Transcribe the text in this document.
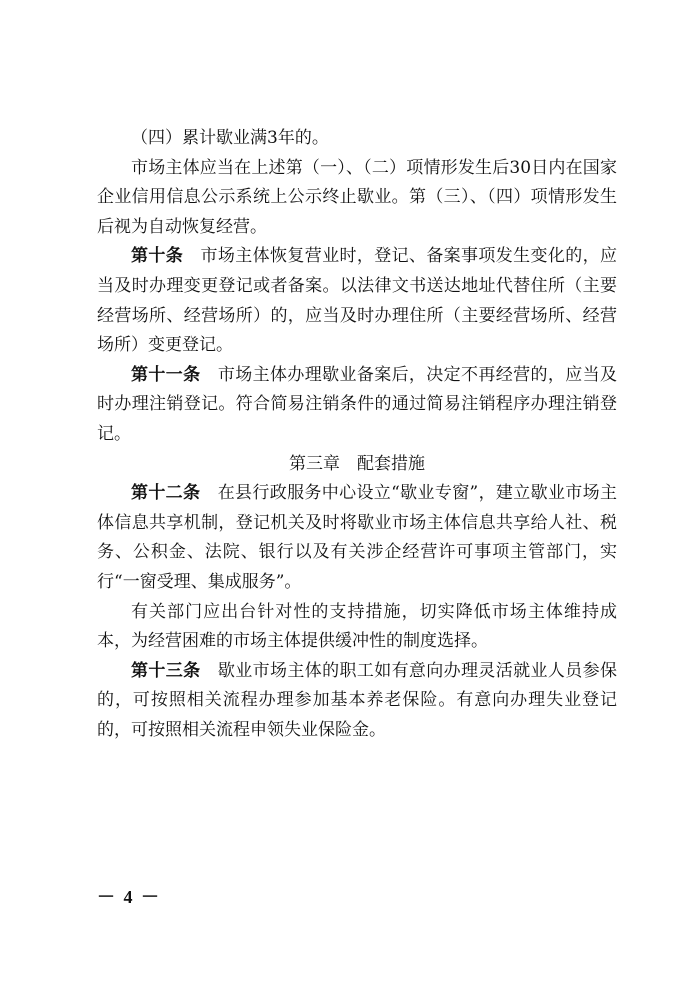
（四）累计歇业满3年的。

市场主体应当在上述第（一）、（二）项情形发生后30日内在国家企业信用信息公示系统上公示终止歇业。第（三）、（四）项情形发生后视为自动恢复经营。

第十条　 市场主体恢复营业时，登记、备案事项发生变化的，应当及时办理变更登记或者备案。以法律文书送达地址代替住所（主要经营场所、经营场所）的，应当及时办理住所（主要经营场所、经营场所）变更登记。

第十一条　 市场主体办理歇业备案后，决定不再经营的，应当及时办理注销登记。符合简易注销条件的通过简易注销程序办理注销登记。

第三章　配套措施

第十二条　 在县行政服务中心设立“歇业专窗”，建立歇业市场主体信息共享机制，登记机关及时将歇业市场主体信息共享给人社、税务、公积金、法院、银行以及有关涉企经营许可事项主管部门，实行“一窗受理、集成服务”。

有关部门应出台针对性的支持措施，切实降低市场主体维持成本，为经营困难的市场主体提供缓冲性的制度选择。

第十三条　 歇业市场主体的职工如有意向办理灵活就业人员参保的，可按照相关流程办理参加基本养老保险。有意向办理失业登记的，可按照相关流程申领失业保险金。

－ 4 －
